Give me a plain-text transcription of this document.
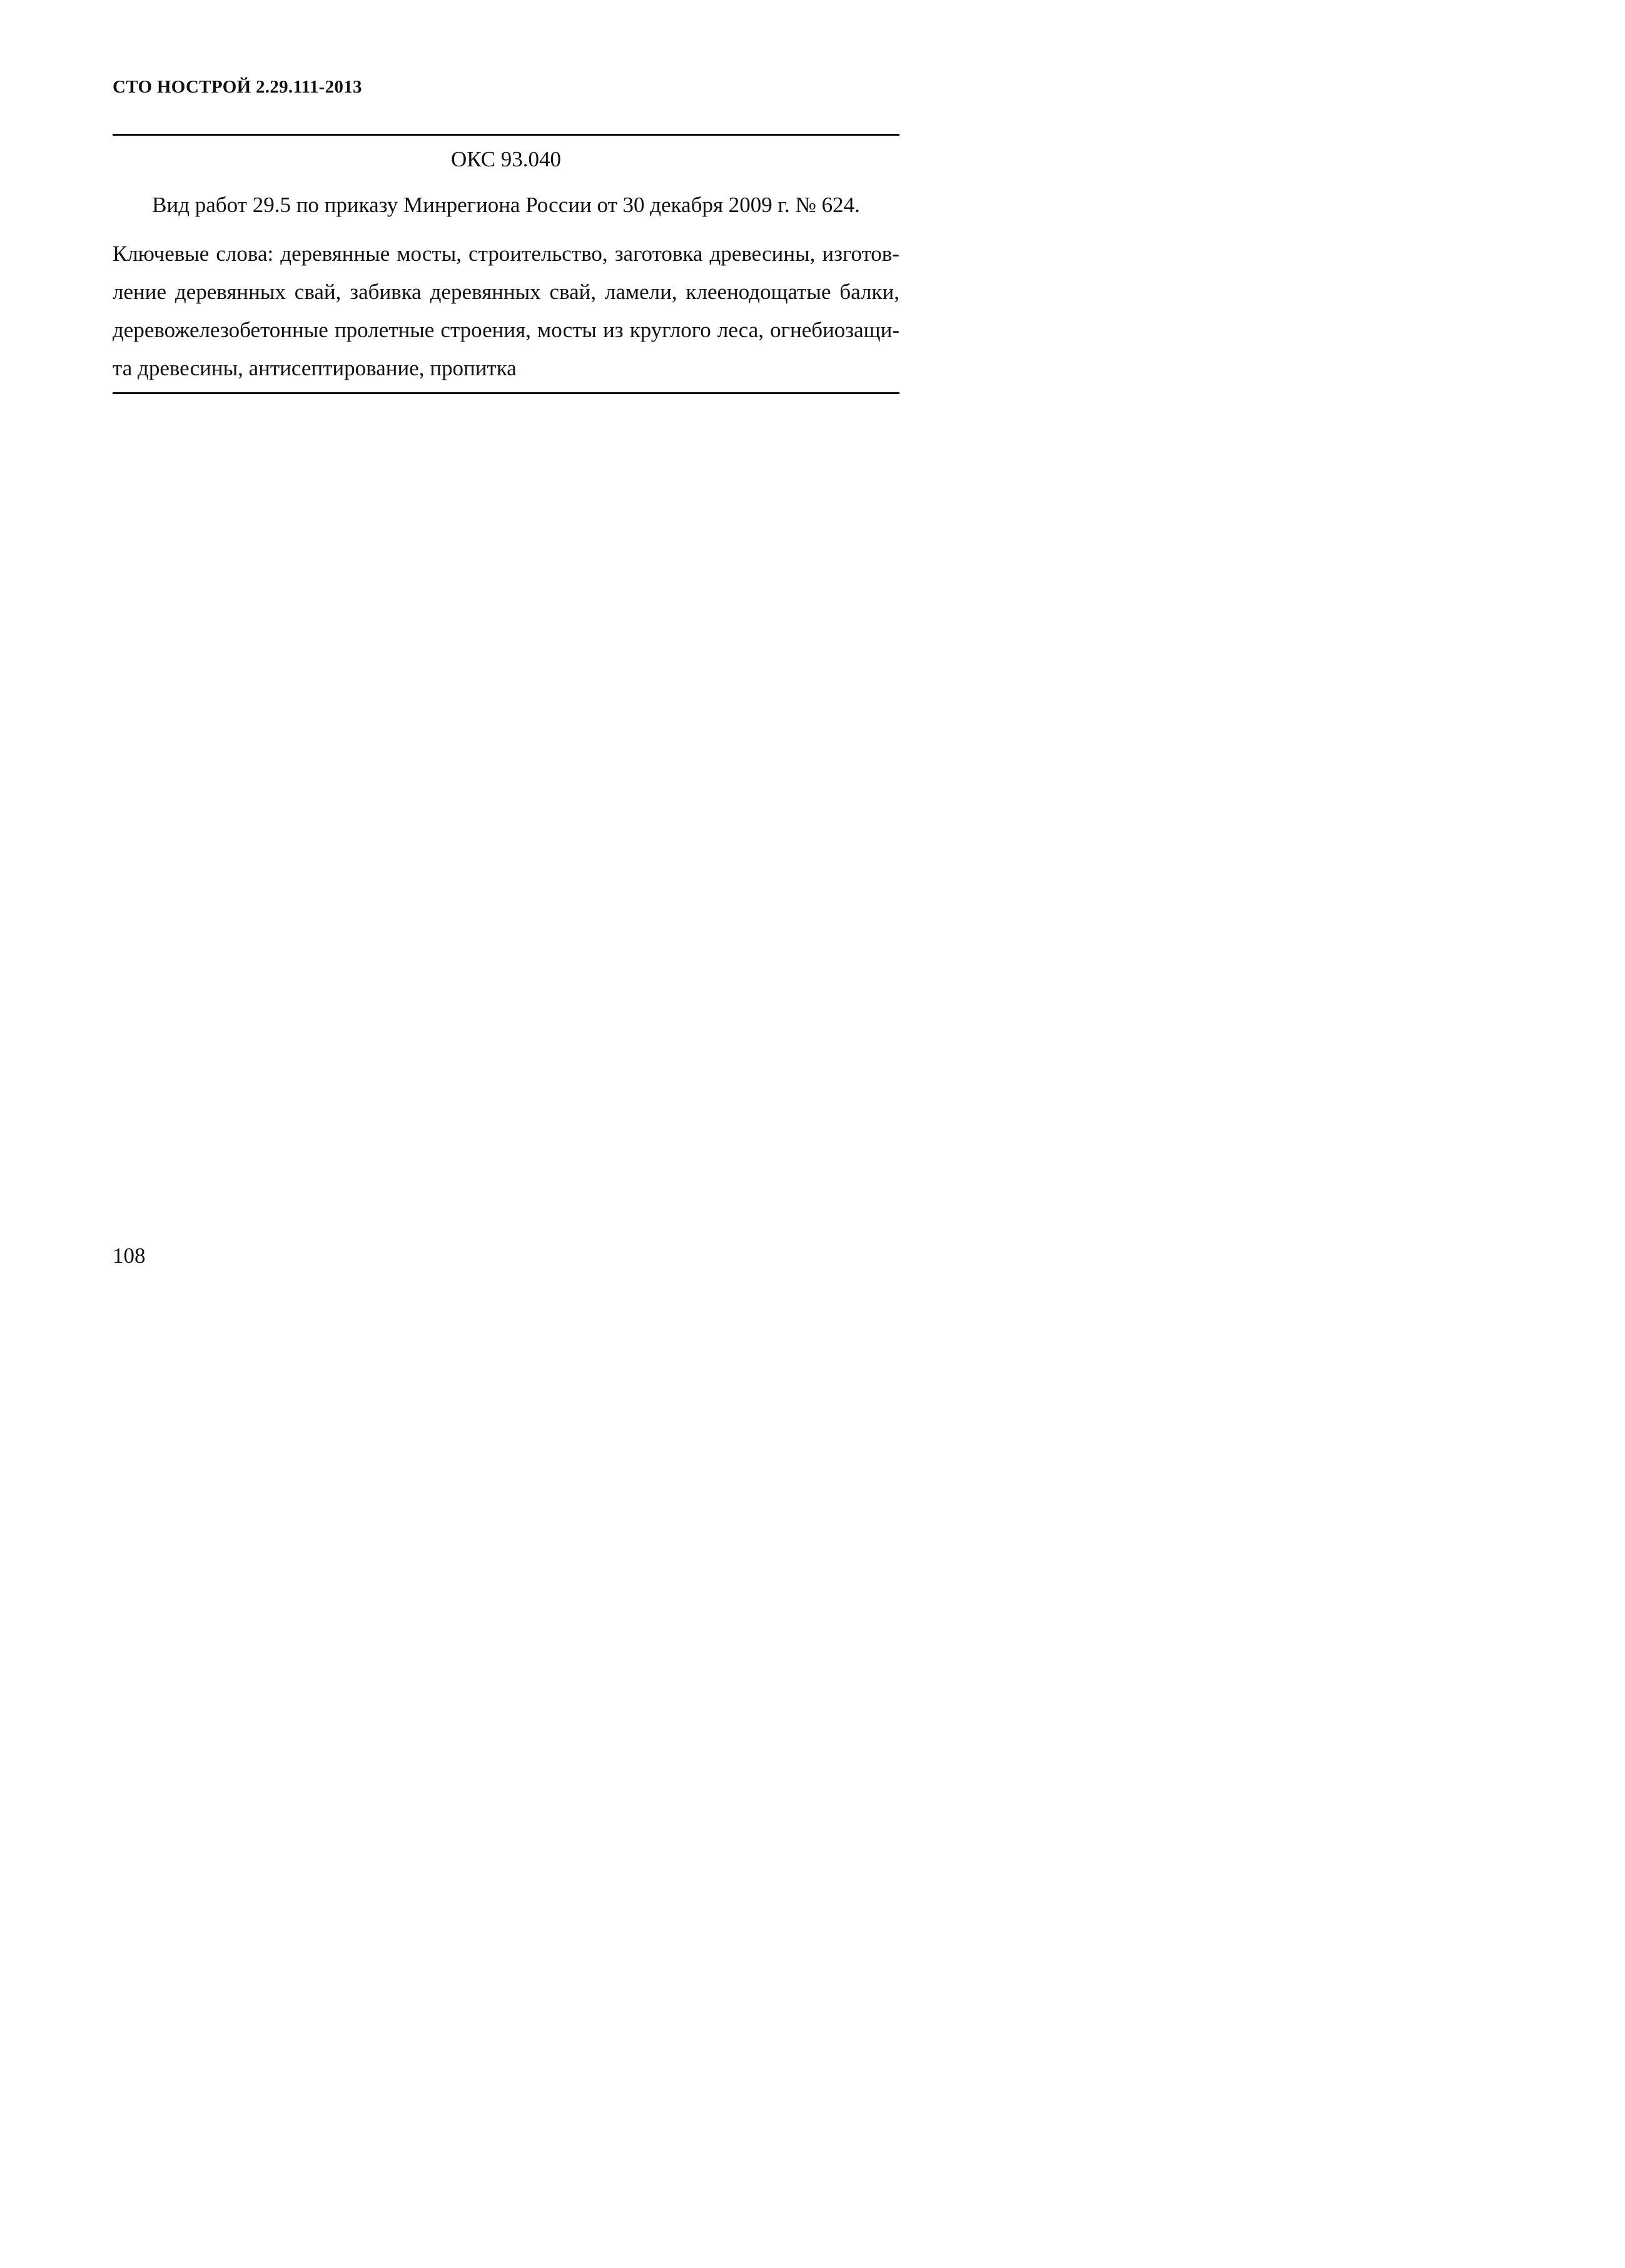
СТО НОСТРОЙ 2.29.111-2013
ОКС 93.040
Вид работ 29.5 по приказу Минрегиона России от 30 декабря 2009 г. № 624.
Ключевые слова: деревянные мосты, строительство, заготовка древесины, изготов-
ление деревянных свай, забивка деревянных свай, ламели, клеенодощатые балки,
деревожелезобетонные пролетные строения, мосты из круглого леса, огнебиозащи-
та древесины, антисептирование, пропитка
108
